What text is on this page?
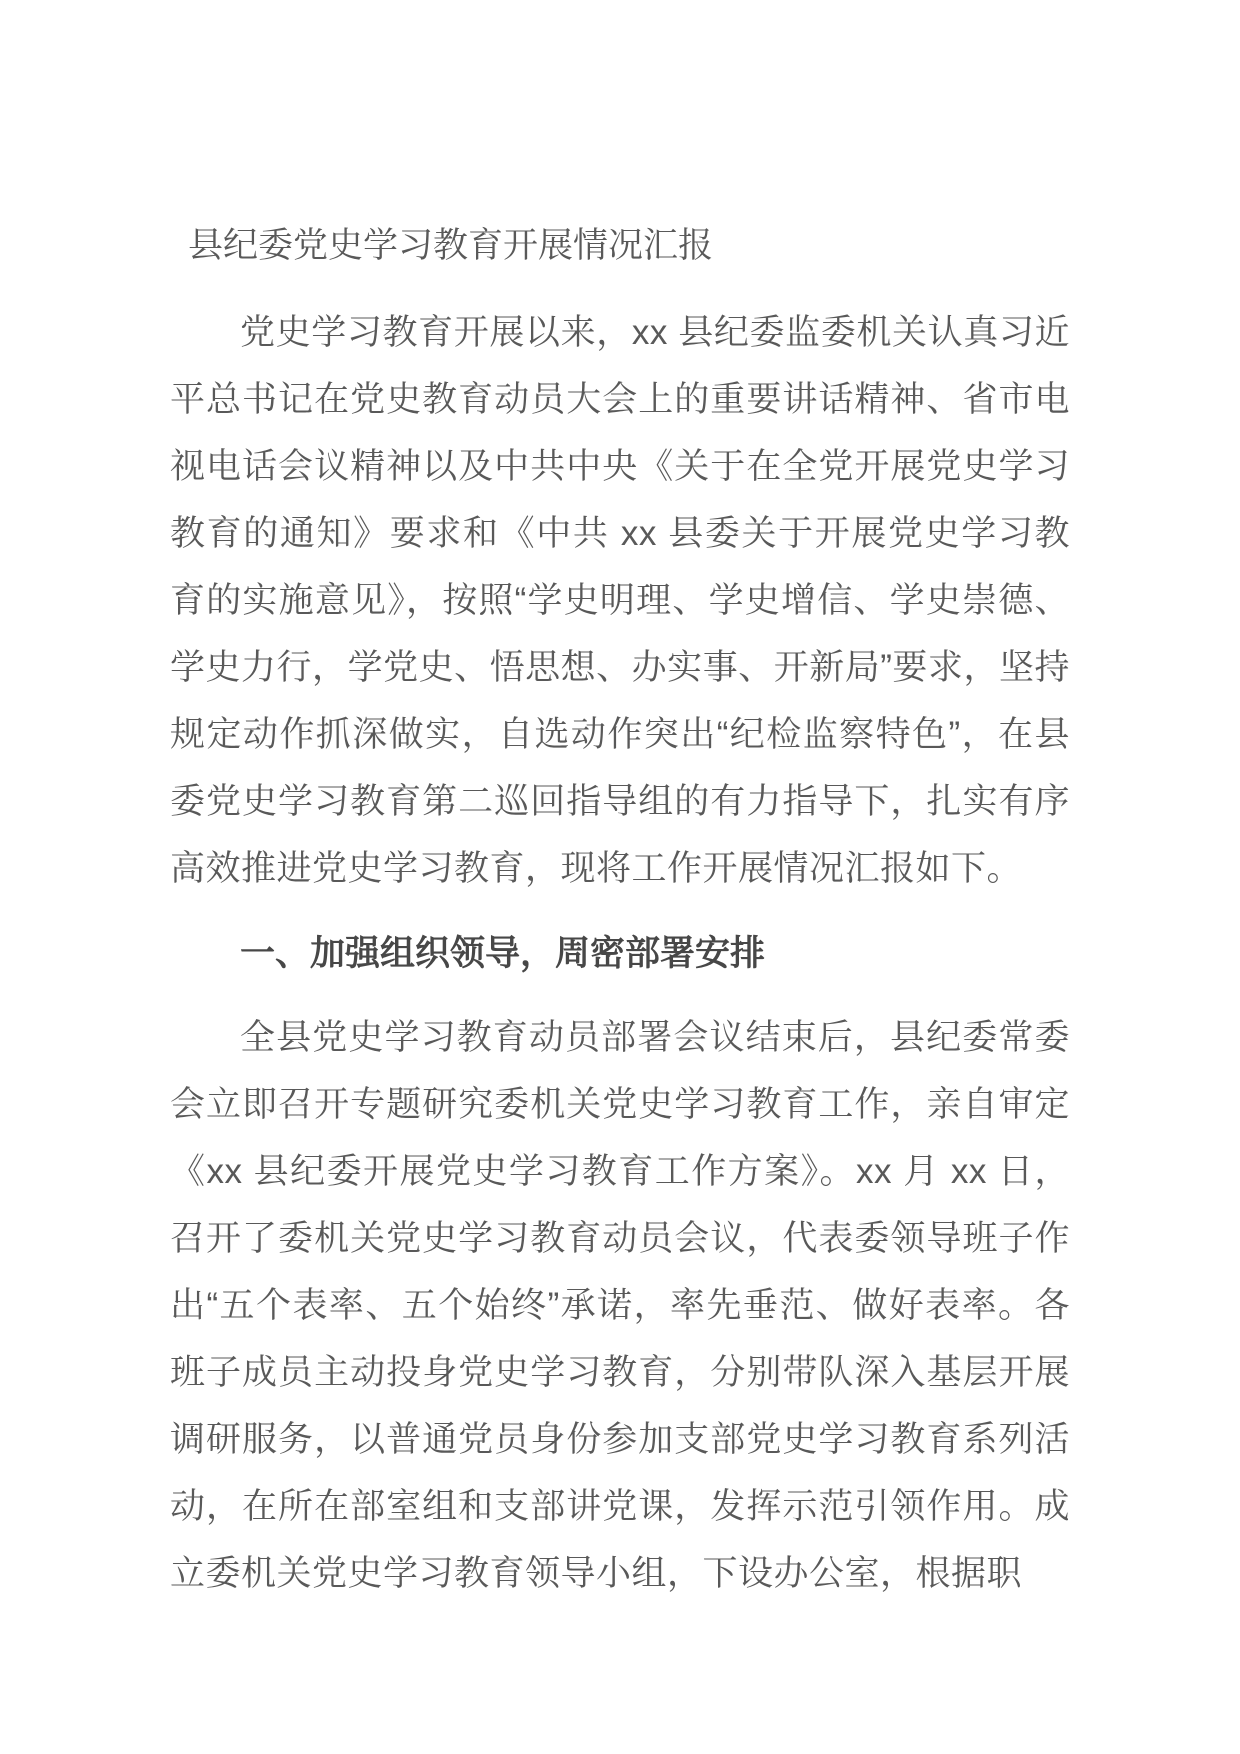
县纪委党史学习教育开展情况汇报

党史学习教育开展以来，xx 县纪委监委机关认真习近平总书记在党史教育动员大会上的重要讲话精神、省市电视电话会议精神以及中共中央《关于在全党开展党史学习教育的通知》要求和《中共 xx 县委关于开展党史学习教育的实施意见》，按照“学史明理、学史增信、学史崇德、学史力行，学党史、悟思想、办实事、开新局”要求，坚持规定动作抓深做实，自选动作突出“纪检监察特色”，在县委党史学习教育第二巡回指导组的有力指导下，扎实有序高效推进党史学习教育，现将工作开展情况汇报如下。

一、加强组织领导，周密部署安排

全县党史学习教育动员部署会议结束后，县纪委常委会立即召开专题研究委机关党史学习教育工作，亲自审定《xx 县纪委开展党史学习教育工作方案》。xx 月 xx 日，召开了委机关党史学习教育动员会议，代表委领导班子作出“五个表率、五个始终”承诺，率先垂范、做好表率。各班子成员主动投身党史学习教育，分别带队深入基层开展调研服务，以普通党员身份参加支部党史学习教育系列活动，在所在部室组和支部讲党课，发挥示范引领作用。成立委机关党史学习教育领导小组，下设办公室，根据职
